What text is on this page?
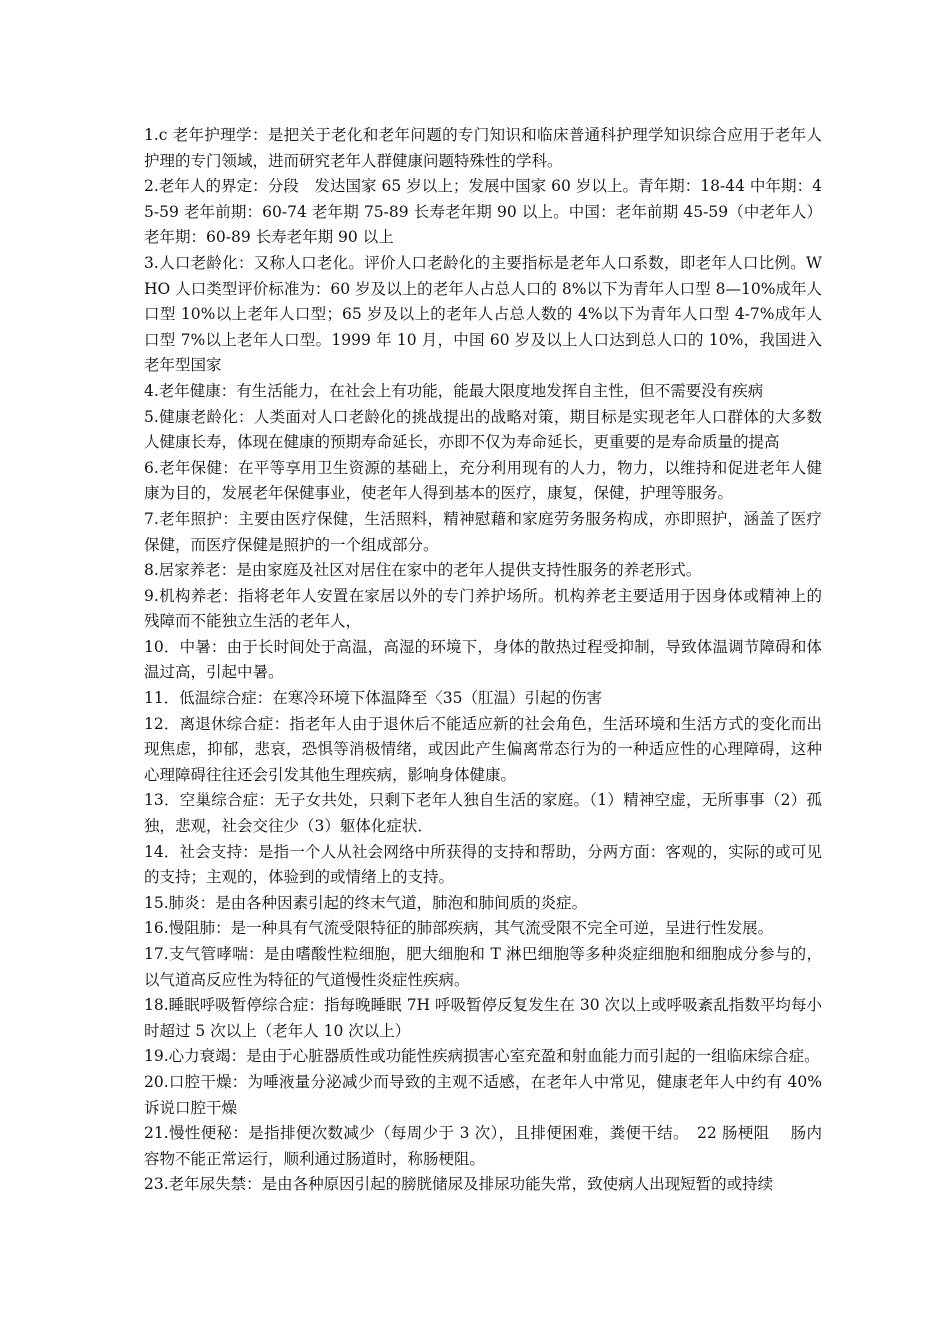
1.c 老年护理学：是把关于老化和老年问题的专门知识和临床普通科护理学知识综合应用于老年人护理的专门领域，进而研究老年人群健康问题特殊性的学科。

2.老年人的界定：分段　发达国家 65 岁以上；发展中国家 60 岁以上。青年期：18-44 中年期：45-59 老年前期：60-74 老年期 75-89 长寿老年期 90 以上。中国：老年前期 45-59（中老年人）老年期：60-89 长寿老年期 90 以上

3.人口老龄化：又称人口老化。评价人口老龄化的主要指标是老年人口系数，即老年人口比例。WHO 人口类型评价标准为：60 岁及以上的老年人占总人口的 8%以下为青年人口型 8—10%成年人口型 10%以上老年人口型；65 岁及以上的老年人占总人数的 4%以下为青年人口型 4-7%成年人口型 7%以上老年人口型。1999 年 10 月，中国 60 岁及以上人口达到总人口的 10%，我国进入老年型国家

4.老年健康：有生活能力，在社会上有功能，能最大限度地发挥自主性，但不需要没有疾病

5.健康老龄化：人类面对人口老龄化的挑战提出的战略对策，期目标是实现老年人口群体的大多数人健康长寿，体现在健康的预期寿命延长，亦即不仅为寿命延长，更重要的是寿命质量的提高

6.老年保健：在平等享用卫生资源的基础上，充分利用现有的人力，物力，以维持和促进老年人健康为目的，发展老年保健事业，使老年人得到基本的医疗，康复，保健，护理等服务。

7.老年照护：主要由医疗保健，生活照料，精神慰藉和家庭劳务服务构成，亦即照护，涵盖了医疗保健，而医疗保健是照护的一个组成部分。

8.居家养老：是由家庭及社区对居住在家中的老年人提供支持性服务的养老形式。

9.机构养老：指将老年人安置在家居以外的专门养护场所。机构养老主要适用于因身体或精神上的残障而不能独立生活的老年人，

10．中暑：由于长时间处于高温，高湿的环境下，身体的散热过程受抑制，导致体温调节障碍和体温过高，引起中暑。

11．低温综合症：在寒冷环境下体温降至〈35（肛温）引起的伤害

12．离退休综合症：指老年人由于退休后不能适应新的社会角色，生活环境和生活方式的变化而出现焦虑，抑郁，悲哀，恐惧等消极情绪，或因此产生偏离常态行为的一种适应性的心理障碍，这种心理障碍往往还会引发其他生理疾病，影响身体健康。

13．空巢综合症：无子女共处，只剩下老年人独自生活的家庭。（1）精神空虚，无所事事（2）孤独，悲观，社会交往少（3）躯体化症状．

14．社会支持：是指一个人从社会网络中所获得的支持和帮助，分两方面：客观的，实际的或可见的支持；主观的，体验到的或情绪上的支持。

15.肺炎：是由各种因素引起的终末气道，肺泡和肺间质的炎症。

16.慢阻肺：是一种具有气流受限特征的肺部疾病，其气流受限不完全可逆，呈进行性发展。

17.支气管哮喘：是由嗜酸性粒细胞，肥大细胞和 T 淋巴细胞等多种炎症细胞和细胞成分参与的，以气道高反应性为特征的气道慢性炎症性疾病。

18.睡眠呼吸暂停综合症：指每晚睡眠 7H 呼吸暂停反复发生在 30 次以上或呼吸紊乱指数平均每小时超过 5 次以上（老年人 10 次以上）

19.心力衰竭：是由于心脏器质性或功能性疾病损害心室充盈和射血能力而引起的一组临床综合症。

20.口腔干燥：为唾液量分泌减少而导致的主观不适感，在老年人中常见，健康老年人中约有 40%诉说口腔干燥

21.慢性便秘：是指排便次数减少（每周少于 3 次），且排便困难，粪便干结。　22 肠梗阻　 肠内容物不能正常运行，顺利通过肠道时，称肠梗阻。

23.老年尿失禁：是由各种原因引起的膀胱储尿及排尿功能失常，致使病人出现短暂的或持续
